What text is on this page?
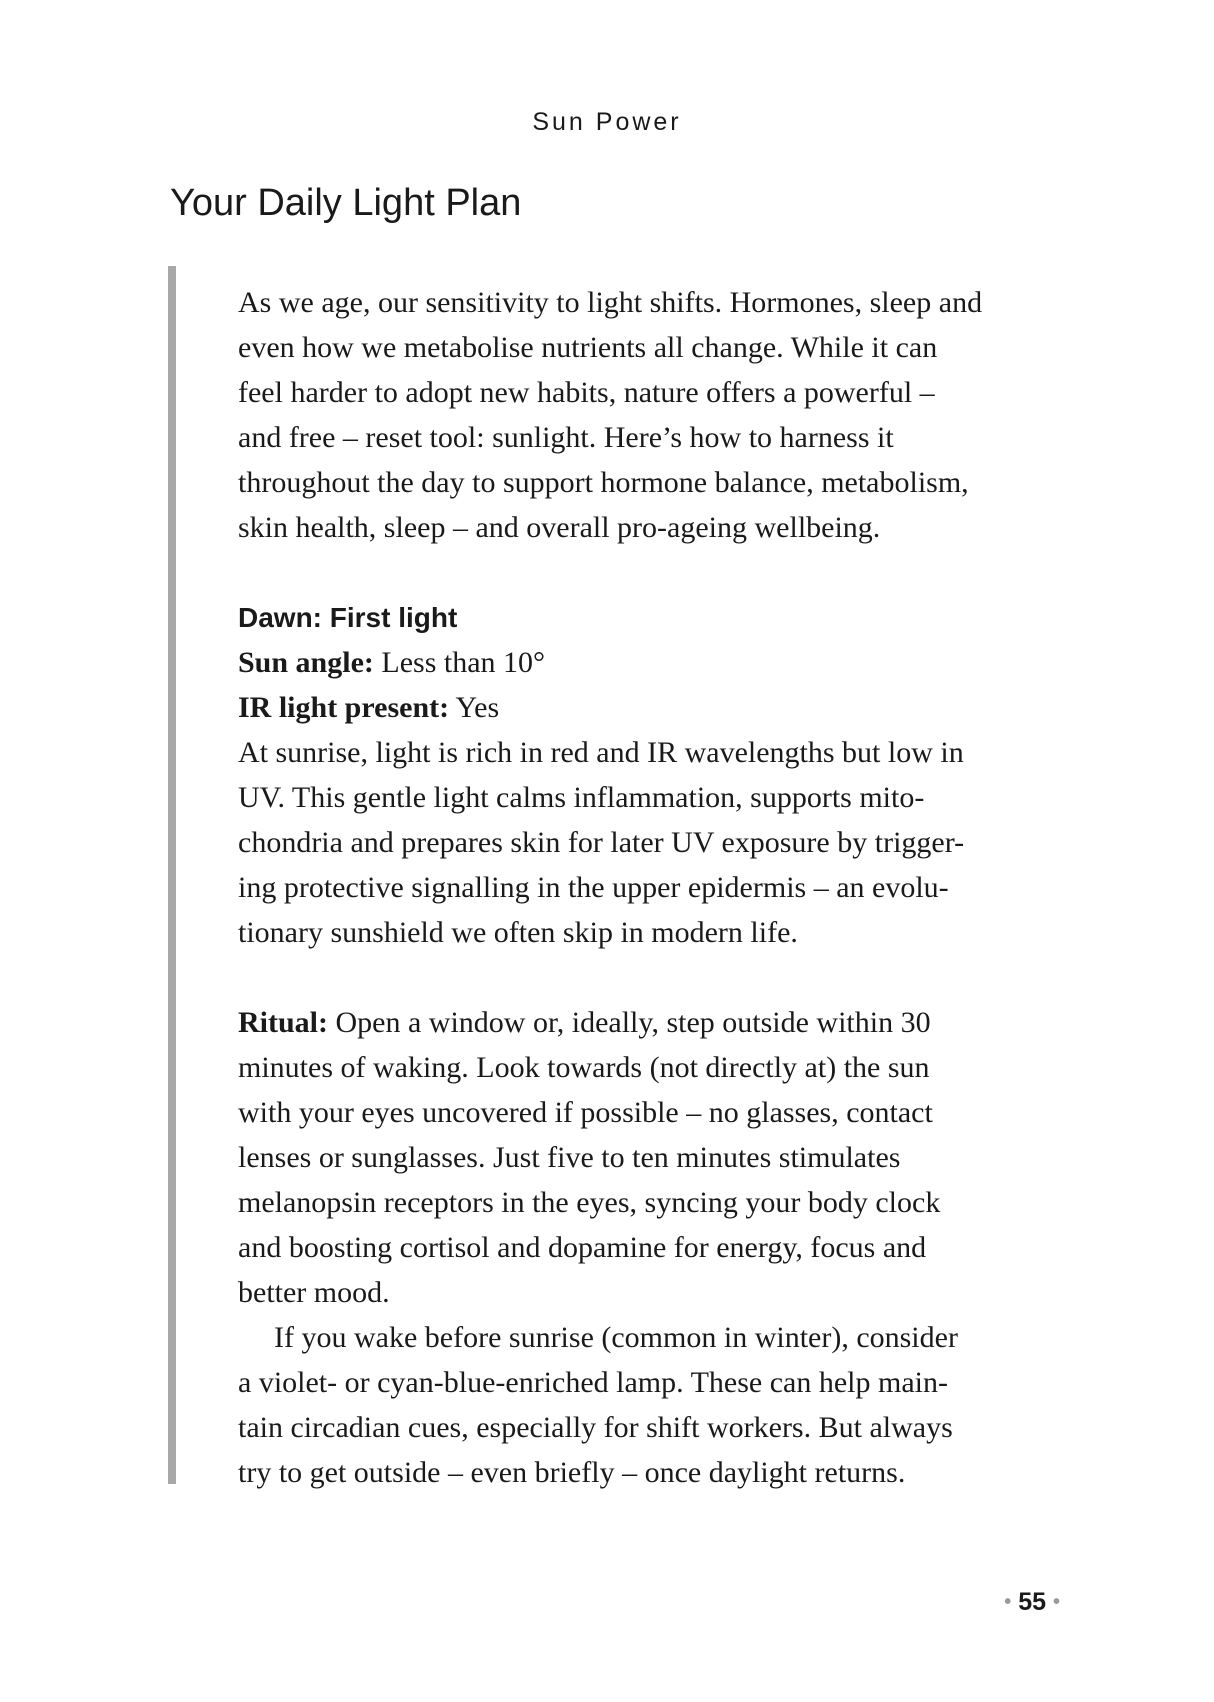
Sun Power
Your Daily Light Plan

As we age, our sensitivity to light shifts. Hormones, sleep and
even how we metabolise nutrients all change. While it can
feel harder to adopt new habits, nature offers a powerful –
and free – reset tool: sunlight. Here’s how to harness it
throughout the day to support hormone balance, metabolism,
skin health, sleep – and overall pro-ageing wellbeing.

Dawn: First light
Sun angle: Less than 10°
IR light present: Yes

At sunrise, light is rich in red and IR wavelengths but low in
UV. This gentle light calms inflammation, supports mito-
chondria and prepares skin for later UV exposure by trigger-
ing protective signalling in the upper epidermis – an evolu-
tionary sunshield we often skip in modern life.

Ritual: Open a window or, ideally, step outside within 30
minutes of waking. Look towards (not directly at) the sun
with your eyes uncovered if possible – no glasses, contact
lenses or sunglasses. Just five to ten minutes stimulates
melanopsin receptors in the eyes, syncing your body clock
and boosting cortisol and dopamine for energy, focus and
better mood.

If you wake before sunrise (common in winter), consider
a violet- or cyan-blue-enriched lamp. These can help main-
tain circadian cues, especially for shift workers. But always
try to get outside – even briefly – once daylight returns.

• 55 •
